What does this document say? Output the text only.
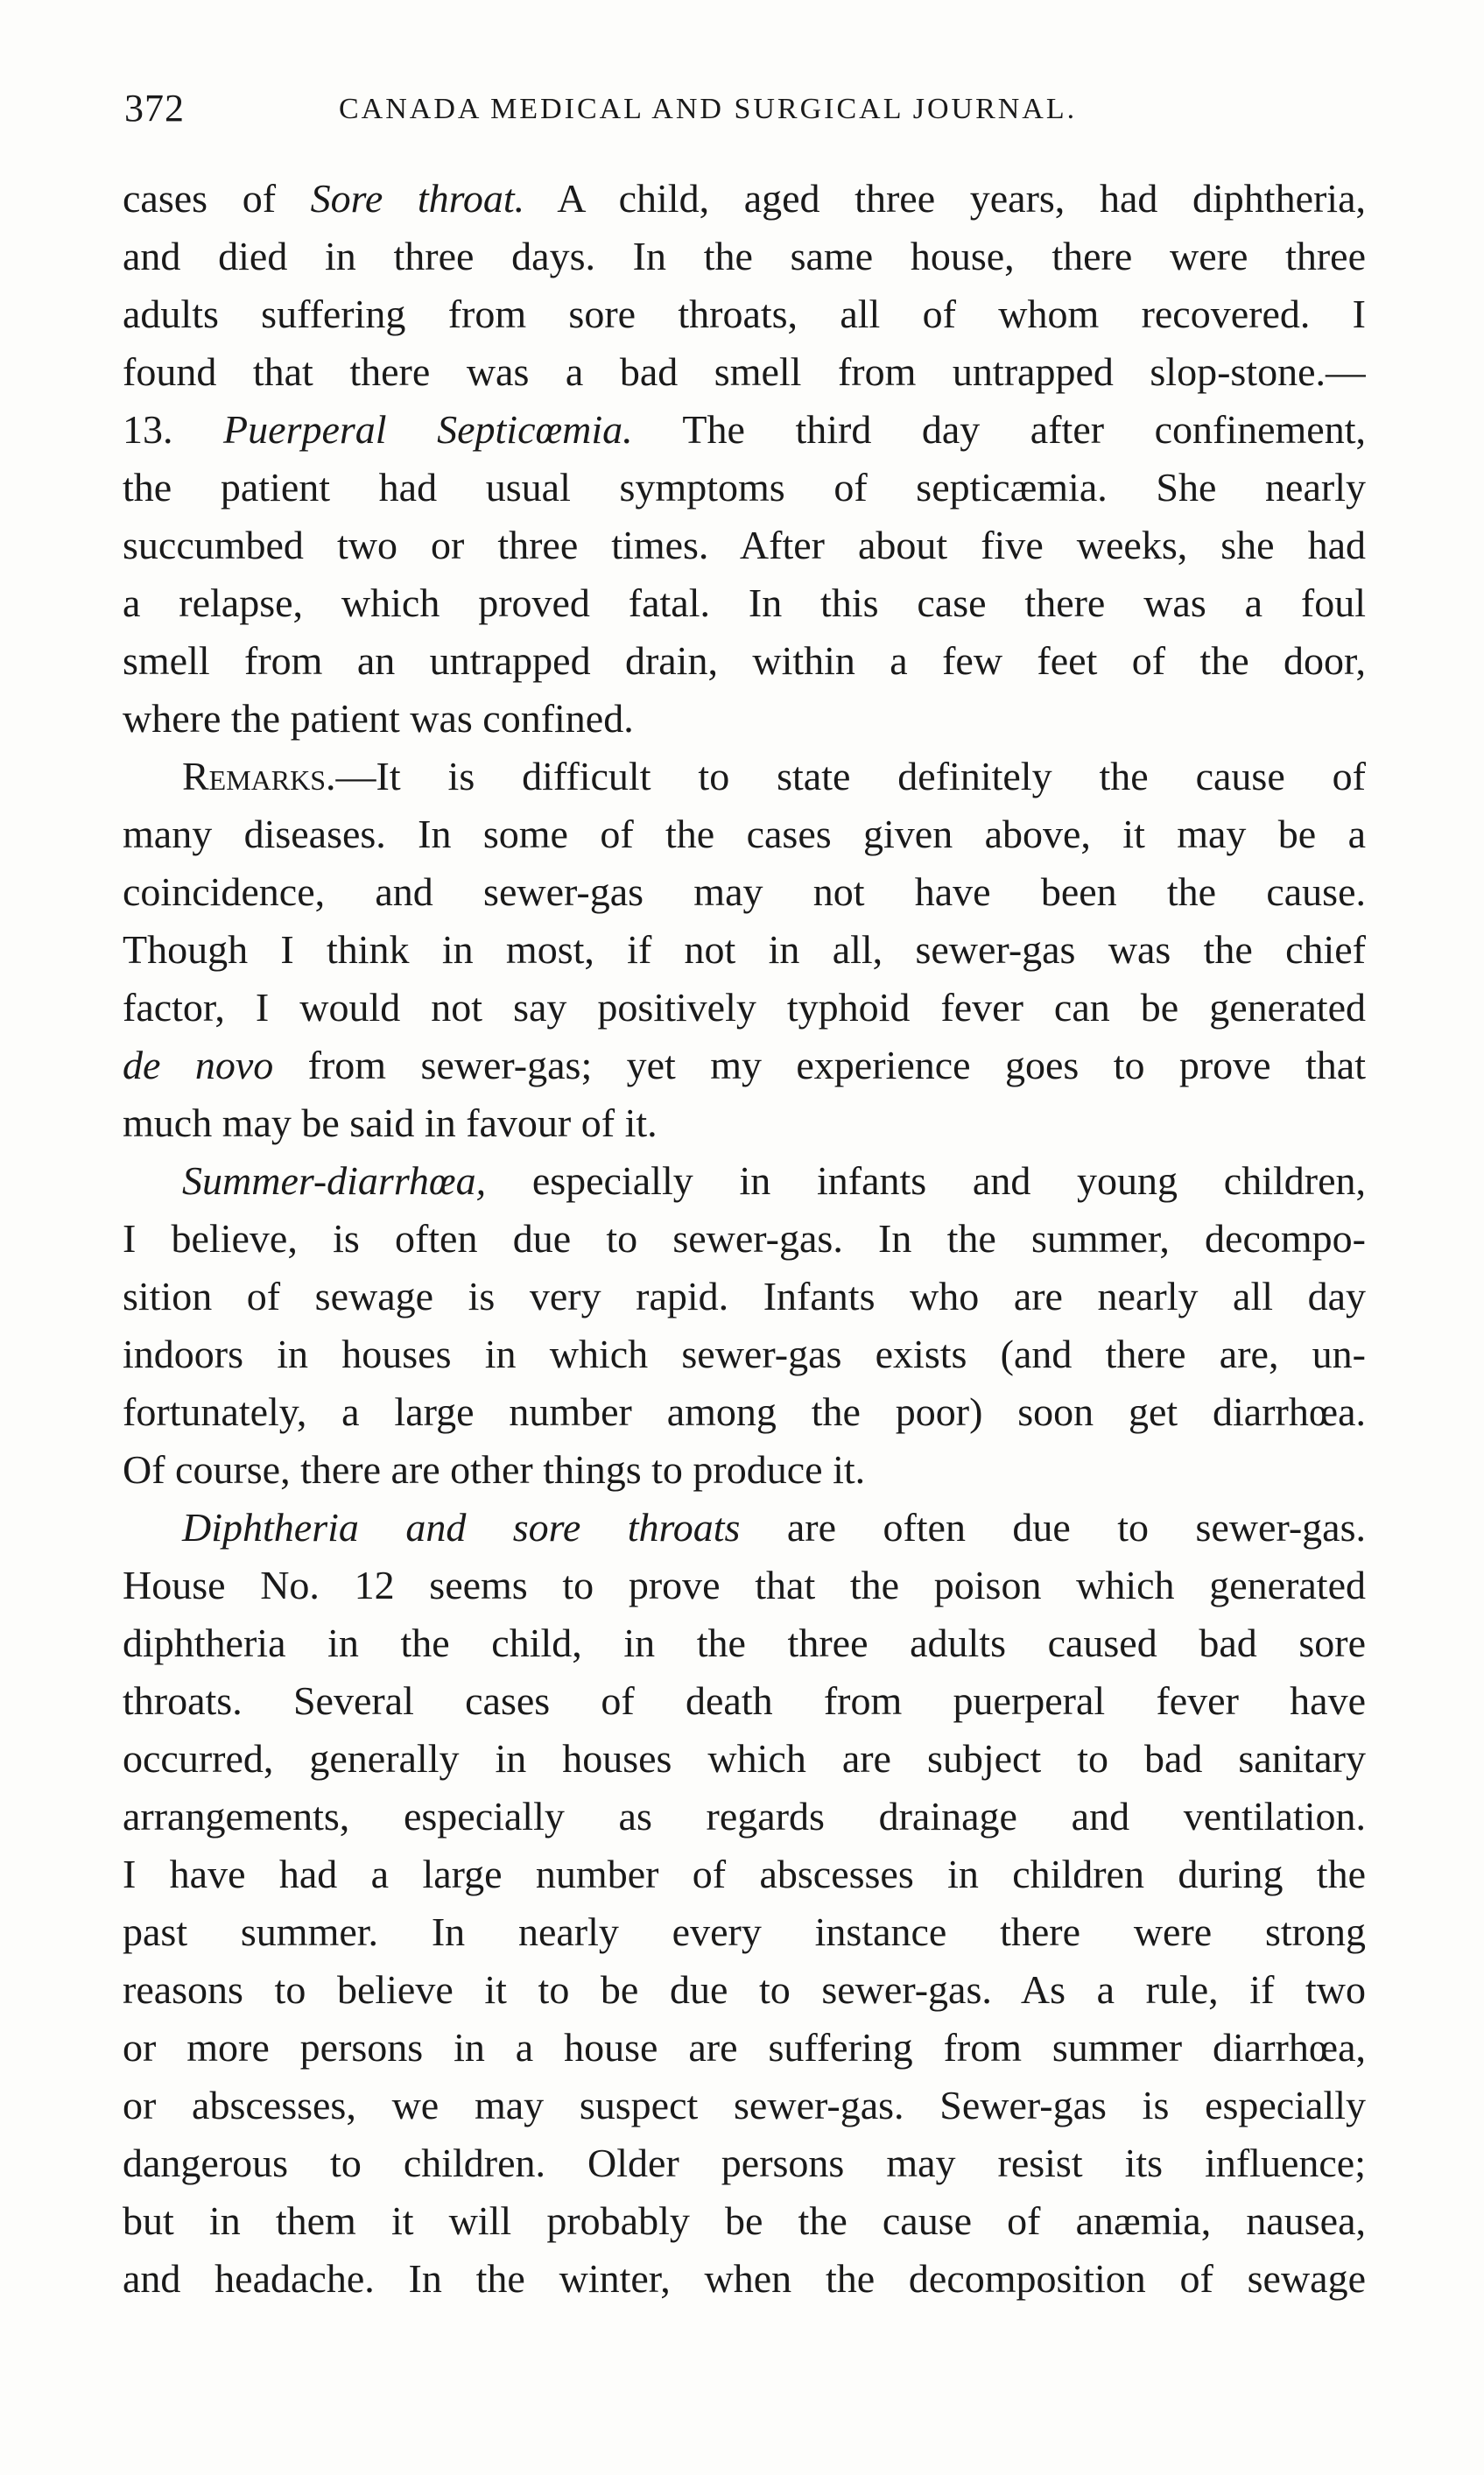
372	CANADA MEDICAL AND SURGICAL JOURNAL.
cases of Sore throat. A child, aged three years, had diphtheria,
and died in three days. In the same house, there were three
adults suffering from sore throats, all of whom recovered. I
found that there was a bad smell from untrapped slop-stone.—
13. Puerperal Septicœmia. The third day after confinement,
the patient had usual symptoms of septicæmia. She nearly
succumbed two or three times. After about five weeks, she had
a relapse, which proved fatal. In this case there was a foul
smell from an untrapped drain, within a few feet of the door,
where the patient was confined.
Remarks.—It is difficult to state definitely the cause of
many diseases. In some of the cases given above, it may be a
coincidence, and sewer-gas may not have been the cause.
Though I think in most, if not in all, sewer-gas was the chief
factor, I would not say positively typhoid fever can be generated
de novo from sewer-gas; yet my experience goes to prove that
much may be said in favour of it.
Summer-diarrhœa, especially in infants and young children,
I believe, is often due to sewer-gas. In the summer, decompo-
sition of sewage is very rapid. Infants who are nearly all day
indoors in houses in which sewer-gas exists (and there are, un-
fortunately, a large number among the poor) soon get diarrhœa.
Of course, there are other things to produce it.
Diphtheria and sore throats are often due to sewer-gas.
House No. 12 seems to prove that the poison which generated
diphtheria in the child, in the three adults caused bad sore
throats. Several cases of death from puerperal fever have
occurred, generally in houses which are subject to bad sanitary
arrangements, especially as regards drainage and ventilation.
I have had a large number of abscesses in children during the
past summer. In nearly every instance there were strong
reasons to believe it to be due to sewer-gas. As a rule, if two
or more persons in a house are suffering from summer diarrhœa,
or abscesses, we may suspect sewer-gas. Sewer-gas is especially
dangerous to children. Older persons may resist its influence;
but in them it will probably be the cause of anæmia, nausea,
and headache. In the winter, when the decomposition of sewage
